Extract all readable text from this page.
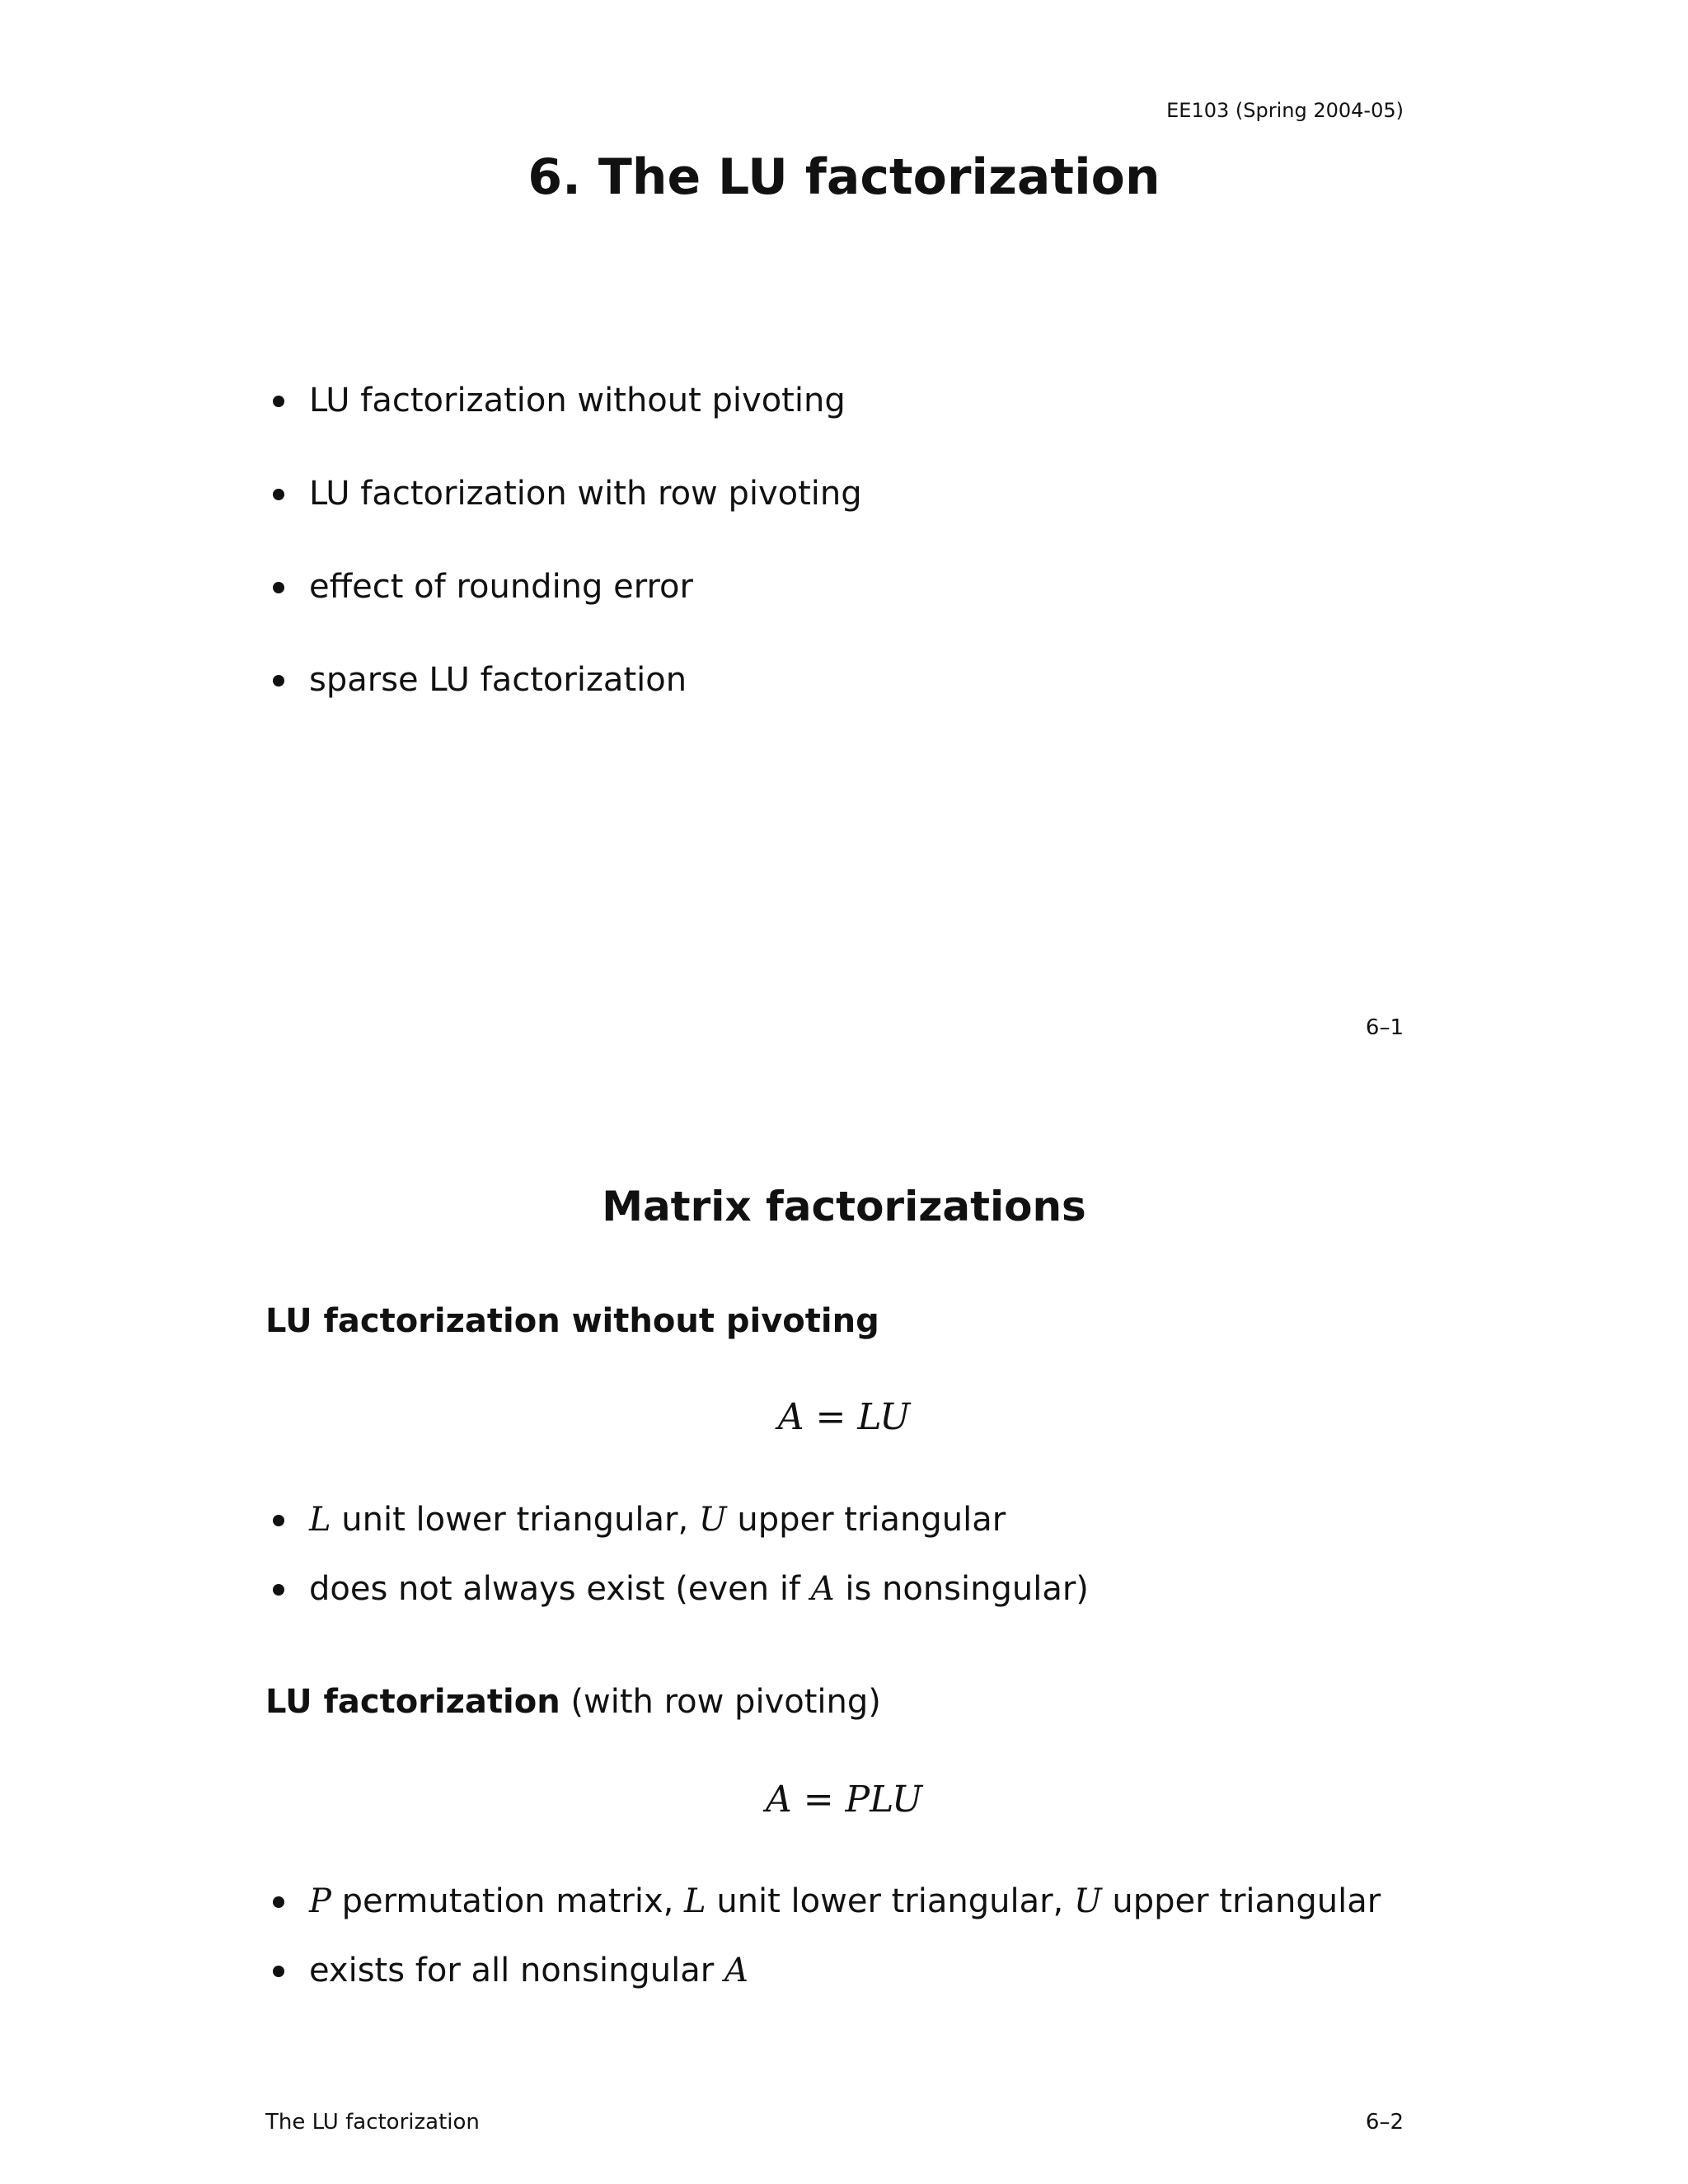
EE103 (Spring 2004-05)
6. The LU factorization
LU factorization without pivoting
LU factorization with row pivoting
effect of rounding error
sparse LU factorization
6–1
Matrix factorizations
LU factorization without pivoting
A = LU
L unit lower triangular, U upper triangular
does not always exist (even if A is nonsingular)
LU factorization (with row pivoting)
A = PLU
P permutation matrix, L unit lower triangular, U upper triangular
exists for all nonsingular A
The LU factorization	6–2
